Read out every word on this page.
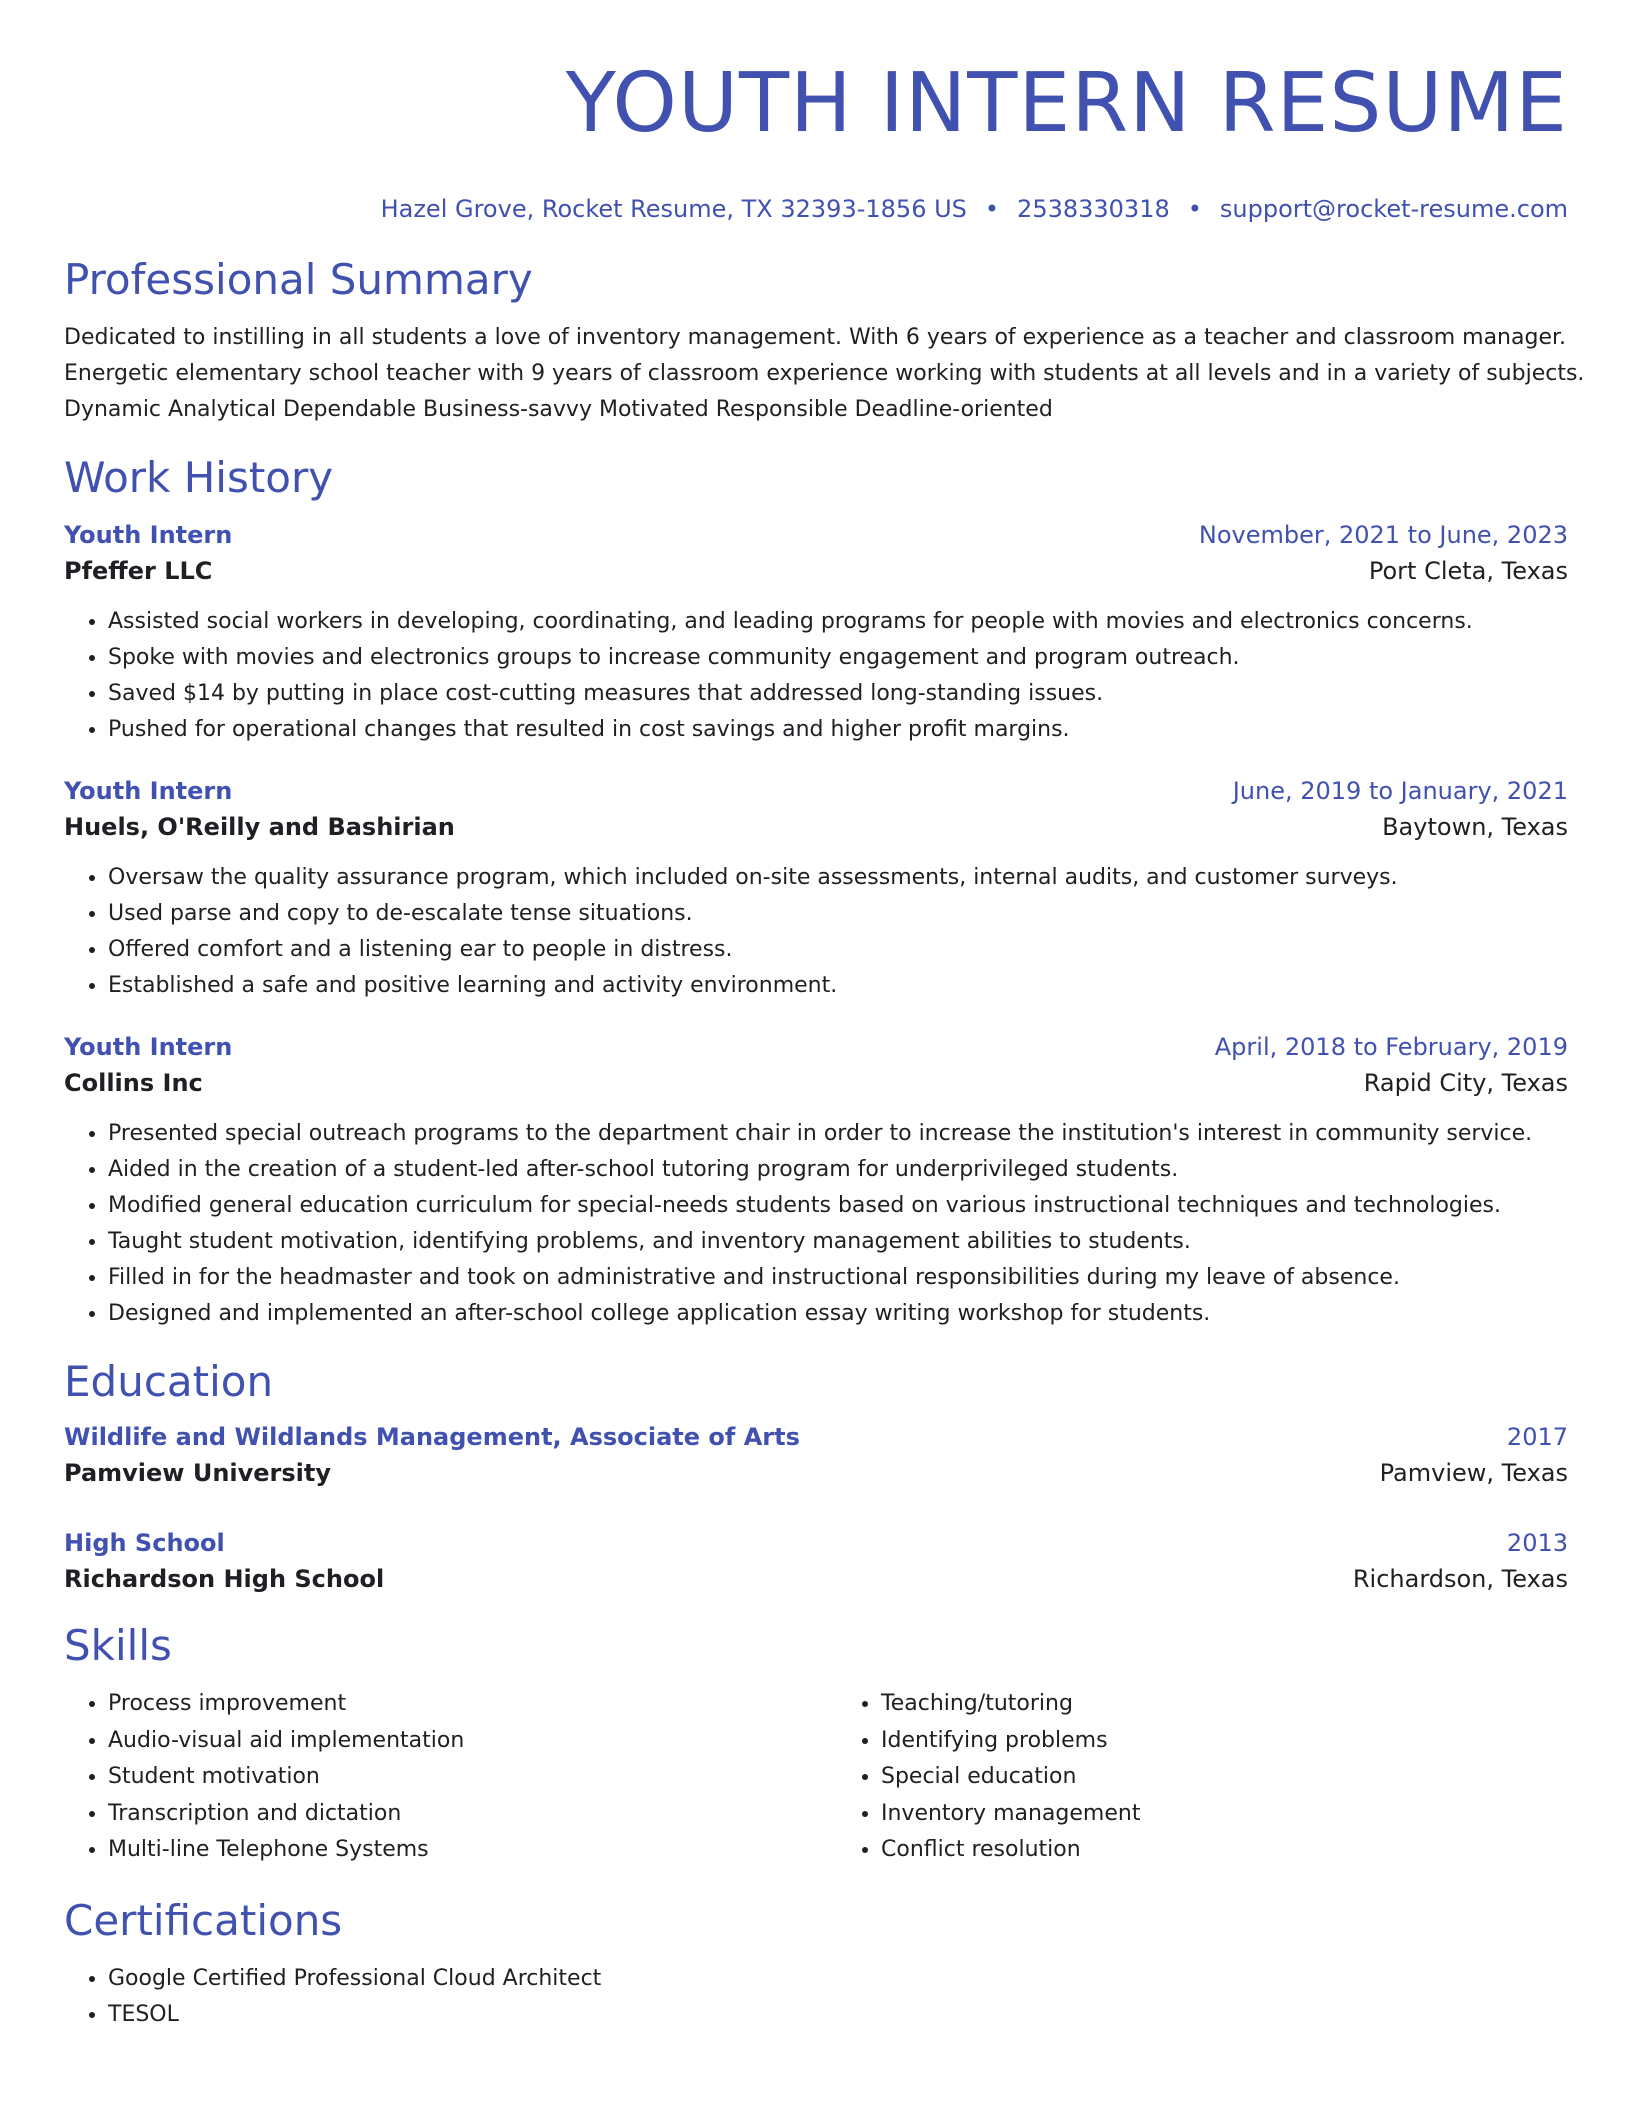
YOUTH INTERN RESUME
Hazel Grove, Rocket Resume, TX 32393-1856 US • 2538330318 • support@rocket-resume.com
Professional Summary
Dedicated to instilling in all students a love of inventory management. With 6 years of experience as a teacher and classroom manager.
Energetic elementary school teacher with 9 years of classroom experience working with students at all levels and in a variety of subjects.
Dynamic Analytical Dependable Business-savvy Motivated Responsible Deadline-oriented
Work History
Youth Intern	November, 2021 to June, 2023
Pfeffer LLC	Port Cleta, Texas
• Assisted social workers in developing, coordinating, and leading programs for people with movies and electronics concerns.
• Spoke with movies and electronics groups to increase community engagement and program outreach.
• Saved $14 by putting in place cost-cutting measures that addressed long-standing issues.
• Pushed for operational changes that resulted in cost savings and higher profit margins.
Youth Intern	June, 2019 to January, 2021
Huels, O'Reilly and Bashirian	Baytown, Texas
• Oversaw the quality assurance program, which included on-site assessments, internal audits, and customer surveys.
• Used parse and copy to de-escalate tense situations.
• Offered comfort and a listening ear to people in distress.
• Established a safe and positive learning and activity environment.
Youth Intern	April, 2018 to February, 2019
Collins Inc	Rapid City, Texas
• Presented special outreach programs to the department chair in order to increase the institution's interest in community service.
• Aided in the creation of a student-led after-school tutoring program for underprivileged students.
• Modified general education curriculum for special-needs students based on various instructional techniques and technologies.
• Taught student motivation, identifying problems, and inventory management abilities to students.
• Filled in for the headmaster and took on administrative and instructional responsibilities during my leave of absence.
• Designed and implemented an after-school college application essay writing workshop for students.
Education
Wildlife and Wildlands Management, Associate of Arts	2017
Pamview University	Pamview, Texas
High School	2013
Richardson High School	Richardson, Texas
Skills
• Process improvement
• Audio-visual aid implementation
• Student motivation
• Transcription and dictation
• Multi-line Telephone Systems
• Teaching/tutoring
• Identifying problems
• Special education
• Inventory management
• Conflict resolution
Certifications
• Google Certified Professional Cloud Architect
• TESOL
